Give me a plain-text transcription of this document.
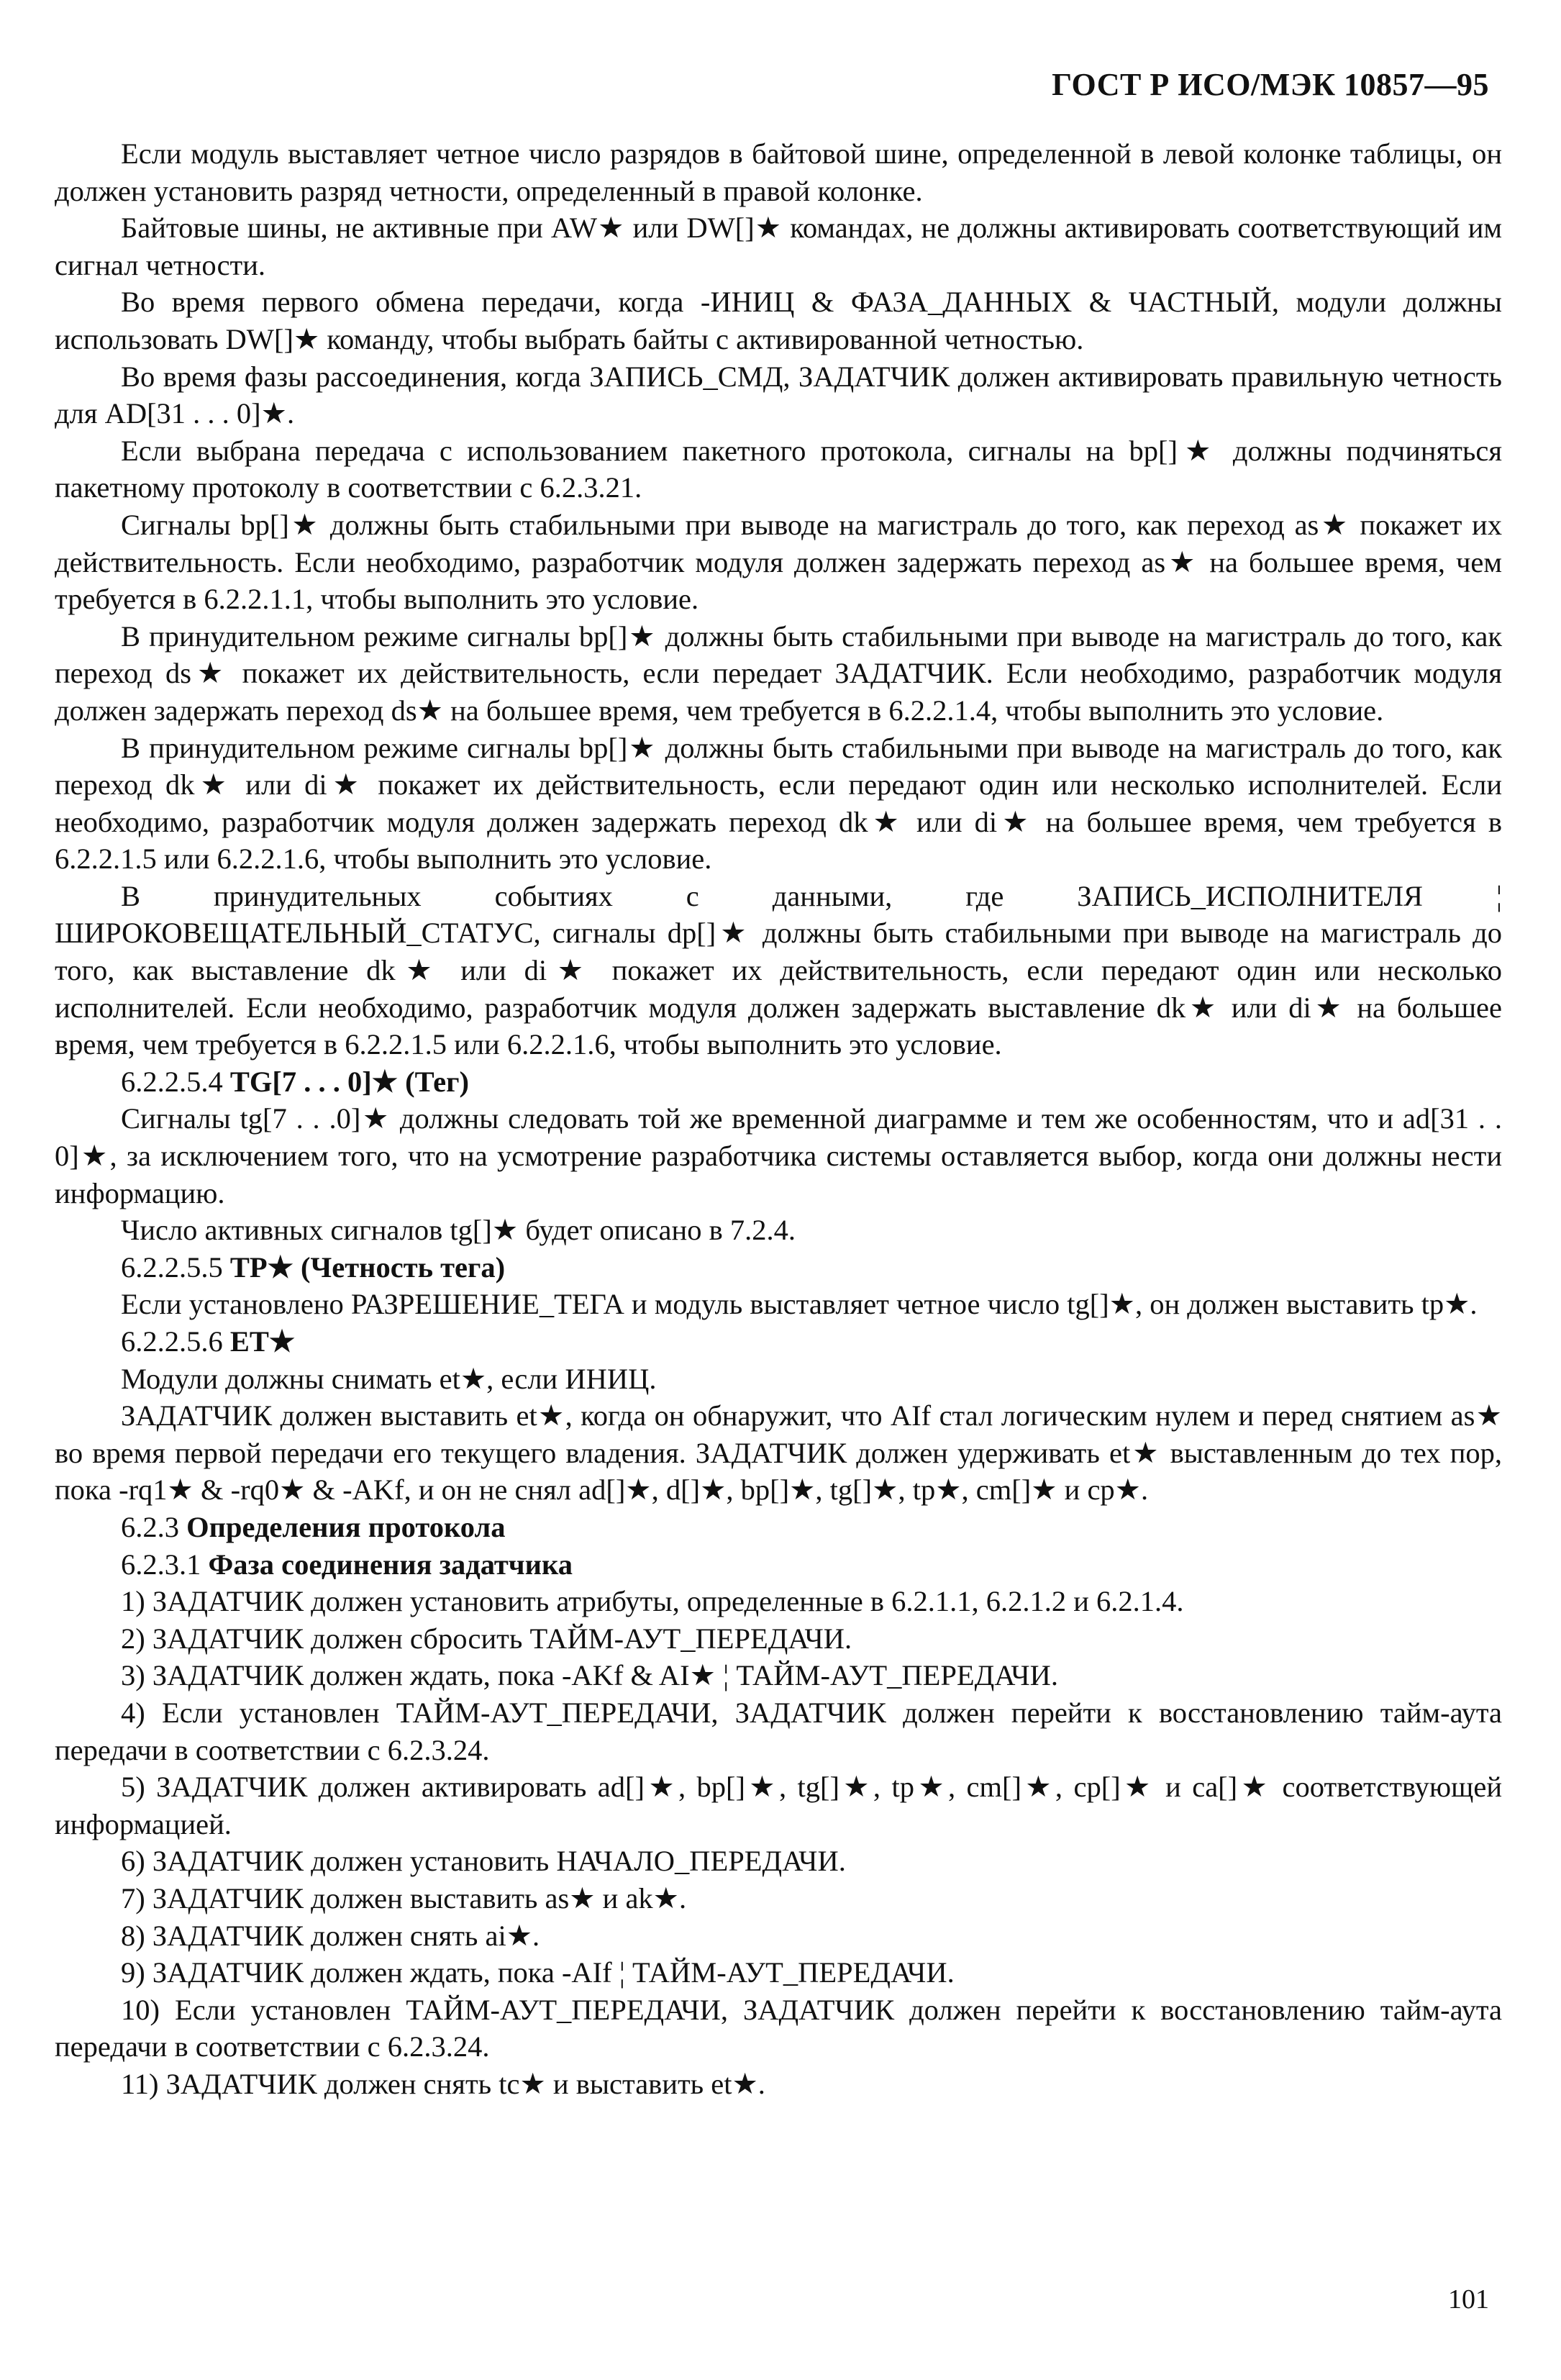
ГОСТ Р ИСО/МЭК 10857—95

Если модуль выставляет четное число разрядов в байтовой шине, определенной в левой колонке таблицы, он должен установить разряд четности, определенный в правой колонке.

Байтовые шины, не активные при AW★ или DW[]★ командах, не должны активировать соответствующий им сигнал четности.

Во время первого обмена передачи, когда -ИНИЦ & ФАЗА_ДАННЫХ & ЧАСТНЫЙ, модули должны использовать DW[]★ команду, чтобы выбрать байты с активированной четностью.

Во время фазы рассоединения, когда ЗАПИСЬ_СМД, ЗАДАТЧИК должен активировать правильную четность для AD[31 . . . 0]★.

Если выбрана передача с использованием пакетного протокола, сигналы на bp[]★ должны подчиняться пакетному протоколу в соответствии с 6.2.3.21.

Сигналы bp[]★ должны быть стабильными при выводе на магистраль до того, как переход as★ покажет их действительность. Если необходимо, разработчик модуля должен задержать переход as★ на большее время, чем требуется в 6.2.2.1.1, чтобы выполнить это условие.

В принудительном режиме сигналы bp[]★ должны быть стабильными при выводе на магистраль до того, как переход ds★ покажет их действительность, если передает ЗАДАТЧИК. Если необходимо, разработчик модуля должен задержать переход ds★ на большее время, чем требуется в 6.2.2.1.4, чтобы выполнить это условие.

В принудительном режиме сигналы bp[]★ должны быть стабильными при выводе на магистраль до того, как переход dk★ или di★ покажет их действительность, если передают один или несколько исполнителей. Если необходимо, разработчик модуля должен задержать переход dk★ или di★ на большее время, чем требуется в 6.2.2.1.5 или 6.2.2.1.6, чтобы выполнить это условие.

В принудительных событиях с данными, где ЗАПИСЬ_ИСПОЛНИТЕЛЯ ¦ ШИРОКОВЕЩАТЕЛЬНЫЙ_СТАТУС, сигналы dp[]★ должны быть стабильными при выводе на магистраль до того, как выставление dk★ или di★ покажет их действительность, если передают один или несколько исполнителей. Если необходимо, разработчик модуля должен задержать выставление dk★ или di★ на большее время, чем требуется в 6.2.2.1.5 или 6.2.2.1.6, чтобы выполнить это условие.

6.2.2.5.4 TG[7 . . . 0]★ (Тег)

Сигналы tg[7 . . .0]★ должны следовать той же временной диаграмме и тем же особенностям, что и ad[31 . . 0]★, за исключением того, что на усмотрение разработчика системы оставляется выбор, когда они должны нести информацию.

Число активных сигналов tg[]★ будет описано в 7.2.4.

6.2.2.5.5 TP★ (Четность тега)

Если установлено РАЗРЕШЕНИЕ_ТЕГА и модуль выставляет четное число tg[]★, он должен выставить tp★.

6.2.2.5.6 ET★

Модули должны снимать et★, если ИНИЦ.

ЗАДАТЧИК должен выставить et★, когда он обнаружит, что AIf стал логическим нулем и перед снятием as★ во время первой передачи его текущего владения. ЗАДАТЧИК должен удерживать et★ выставленным до тех пор, пока -rq1★ & -rq0★ & -AKf, и он не снял ad[]★, d[]★, bp[]★, tg[]★, tp★, cm[]★ и cp★.

6.2.3 Определения протокола

6.2.3.1 Фаза соединения задатчика

1) ЗАДАТЧИК должен установить атрибуты, определенные в 6.2.1.1, 6.2.1.2 и 6.2.1.4.

2) ЗАДАТЧИК должен сбросить ТАЙМ-АУТ_ПЕРЕДАЧИ.

3) ЗАДАТЧИК должен ждать, пока -AKf & AI★ ¦ ТАЙМ-АУТ_ПЕРЕДАЧИ.

4) Если установлен ТАЙМ-АУТ_ПЕРЕДАЧИ, ЗАДАТЧИК должен перейти к восстановлению тайм-аута передачи в соответствии с 6.2.3.24.

5) ЗАДАТЧИК должен активировать ad[]★, bp[]★, tg[]★, tp★, cm[]★, cp[]★ и ca[]★ соответствующей информацией.

6) ЗАДАТЧИК должен установить НАЧАЛО_ПЕРЕДАЧИ.

7) ЗАДАТЧИК должен выставить as★ и ak★.

8) ЗАДАТЧИК должен снять ai★.

9) ЗАДАТЧИК должен ждать, пока -AIf ¦ ТАЙМ-АУТ_ПЕРЕДАЧИ.

10) Если установлен ТАЙМ-АУТ_ПЕРЕДАЧИ, ЗАДАТЧИК должен перейти к восстановлению тайм-аута передачи в соответствии с 6.2.3.24.

11) ЗАДАТЧИК должен снять tc★ и выставить et★.

101
